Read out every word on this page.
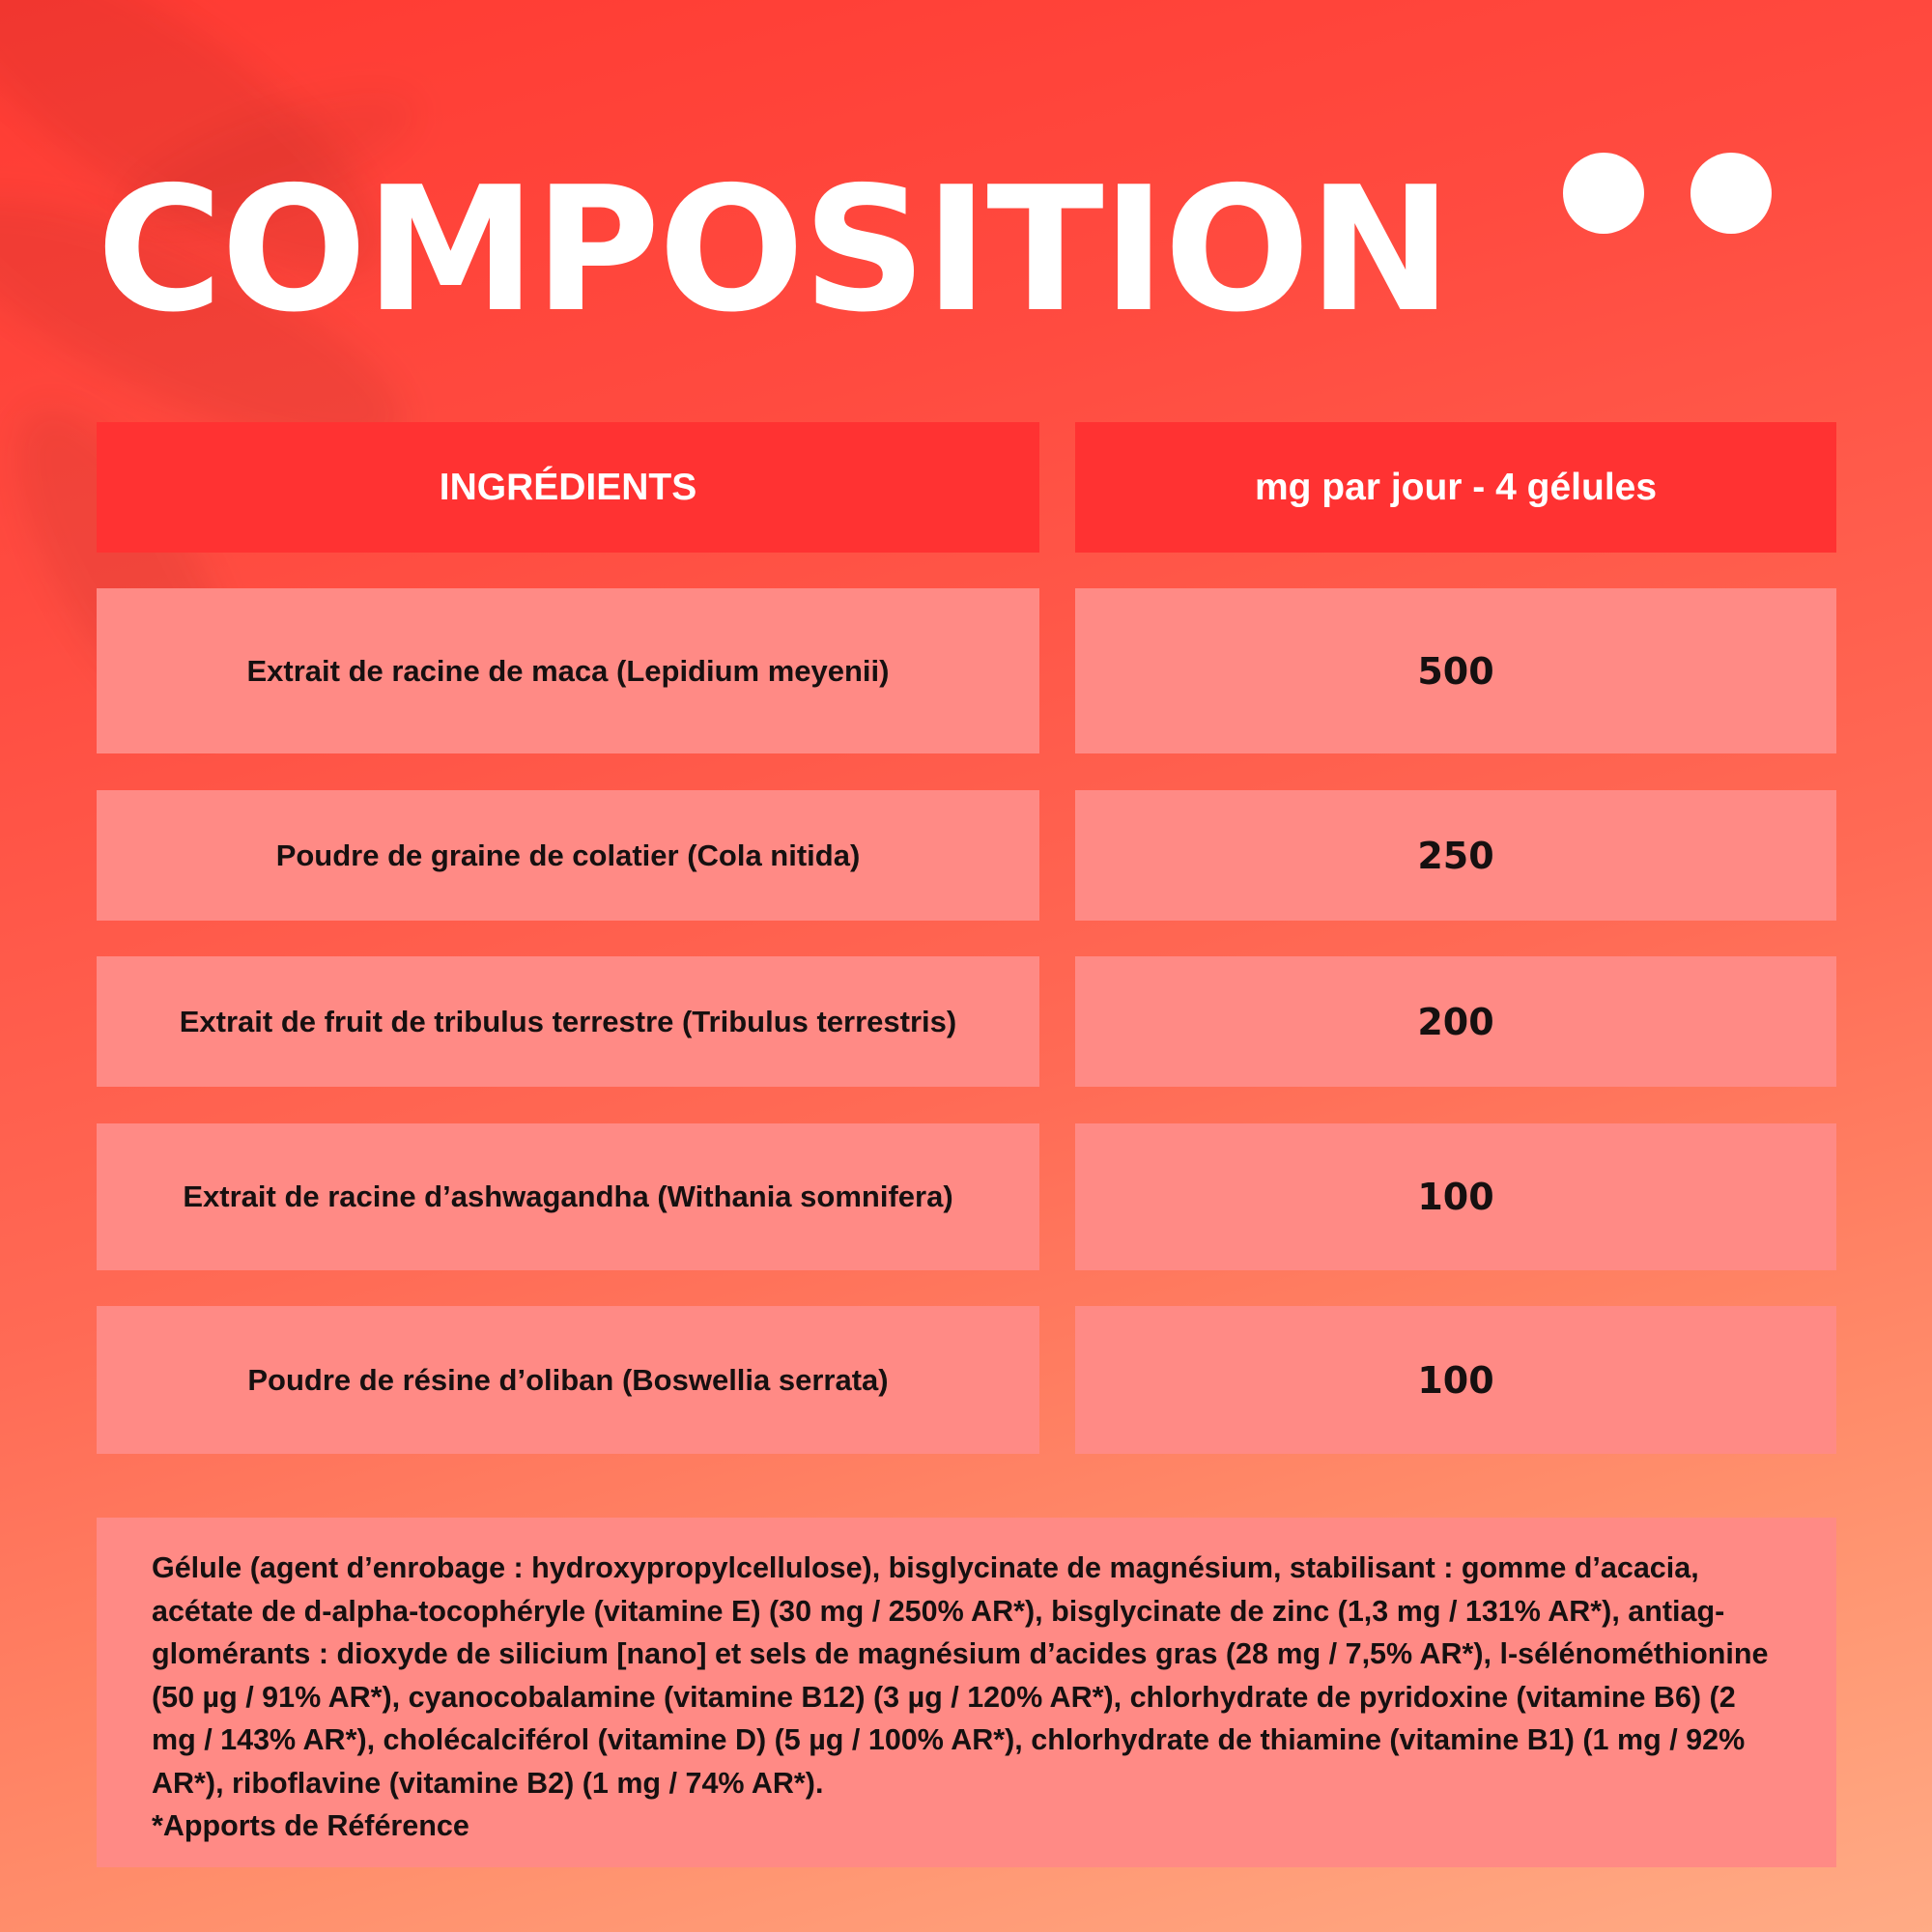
COMPOSITION
INGRÉDIENTS	mg par jour - 4 gélules
Extrait de racine de maca (Lepidium meyenii)	500
Poudre de graine de colatier (Cola nitida)	250
Extrait de fruit de tribulus terrestre (Tribulus terrestris)	200
Extrait de racine d’ashwagandha (Withania somnifera)	100
Poudre de résine d’oliban (Boswellia serrata)	100

Gélule (agent d’enrobage : hydroxypropylcellulose), bisglycinate de magnésium, stabilisant : gomme d’acacia, acétate de d-alpha-tocophéryle (vitamine E) (30 mg / 250% AR*), bisglycinate de zinc (1,3 mg / 131% AR*), antiag- glomérants : dioxyde de silicium [nano] et sels de magnésium d’acides gras (28 mg / 7,5% AR*), l-sélénométhionine (50 µg / 91% AR*), cyanocobalamine (vitamine B12) (3 µg / 120% AR*), chlorhydrate de pyridoxine (vitamine B6) (2 mg / 143% AR*), cholécalciférol (vitamine D) (5 µg / 100% AR*), chlorhydrate de thiamine (vitamine B1) (1 mg / 92% AR*), riboflavine (vitamine B2) (1 mg / 74% AR*).

*Apports de Référence
